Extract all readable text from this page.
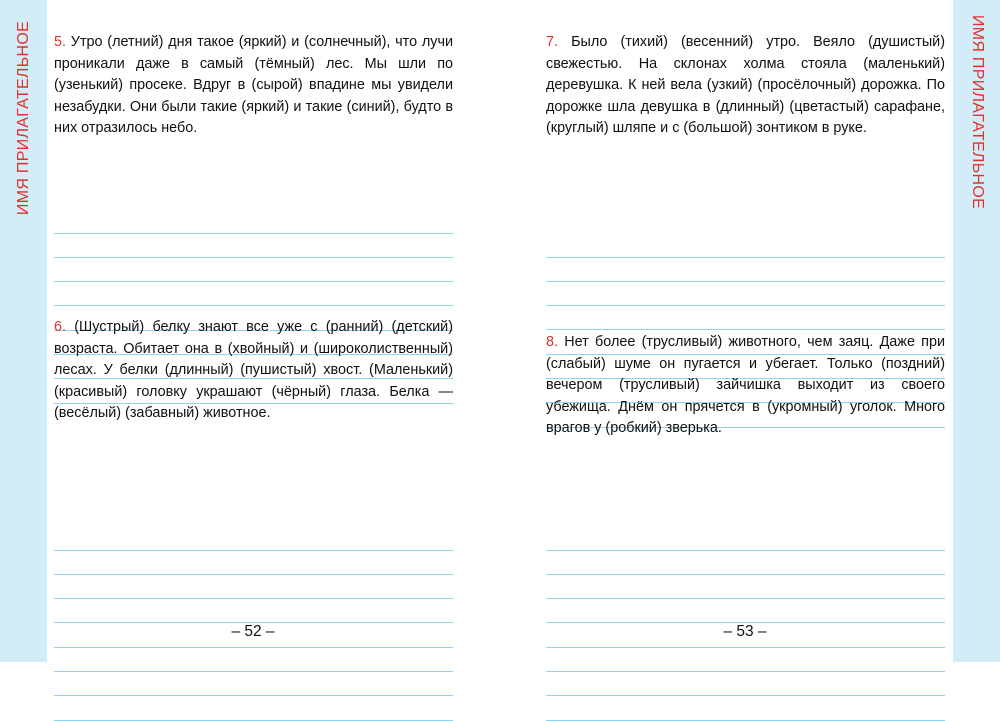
ИМЯ ПРИЛАГАТЕЛЬНОЕ	ИМЯ ПРИЛАГАТЕЛЬНОЕ

5. Утро (летний) дня такое (яркий) и (солнечный), что лучи проникали даже в самый (тёмный) лес. Мы шли по (узенький) просеке. Вдруг в (сырой) впадине мы увидели незабудки. Они были такие (яркий) и такие (синий), будто в них отразилось небо.

6. (Шустрый) белку знают все уже с (ранний) (детский) возраста. Обитает она в (хвойный) и (широколиственный) лесах. У белки (длинный) (пушистый) хвост. (Маленький) (красивый) головку украшают (чёрный) глаза. Белка — (весёлый) (забавный) животное.

7. Было (тихий) (весенний) утро. Веяло (душистый) свежестью. На склонах холма стояла (маленький) деревушка. К ней вела (узкий) (просёлочный) дорожка. По дорожке шла девушка в (длинный) (цветастый) сарафане, (круглый) шляпе и с (большой) зонтиком в руке.

8. Нет более (трусливый) животного, чем заяц. Даже при (слабый) шуме он пугается и убегает. Только (поздний) вечером (трусливый) зайчишка выходит из своего убежища. Днём он прячется в (укромный) уголок. Много врагов у (робкий) зверька.

– 52 –	– 53 –
